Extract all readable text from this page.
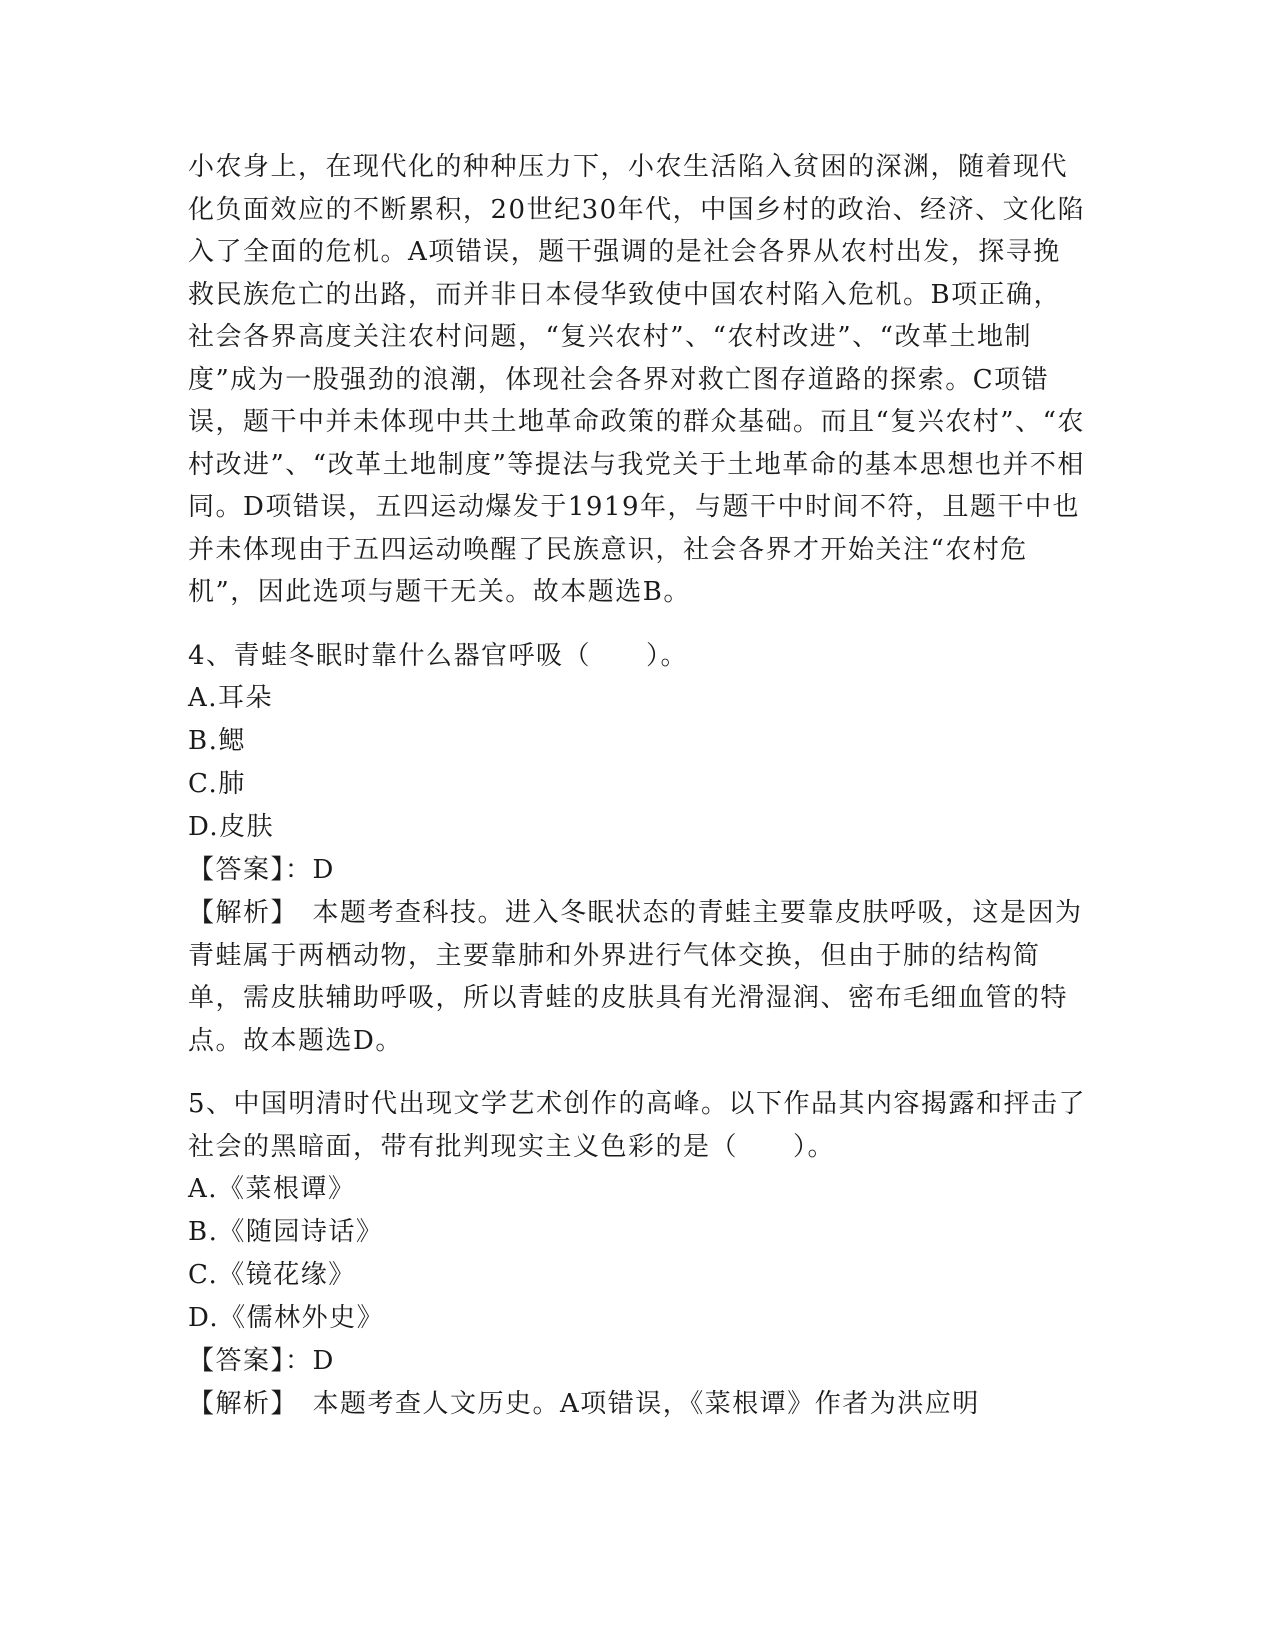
小农身上，在现代化的种种压力下，小农生活陷入贫困的深渊，随着现代化负面效应的不断累积，20世纪30年代，中国乡村的政治、经济、文化陷入了全面的危机。A项错误，题干强调的是社会各界从农村出发，探寻挽救民族危亡的出路，而并非日本侵华致使中国农村陷入危机。B项正确，社会各界高度关注农村问题，“复兴农村”、“农村改进”、“改革土地制度”成为一股强劲的浪潮，体现社会各界对救亡图存道路的探索。C项错误，题干中并未体现中共土地革命政策的群众基础。而且“复兴农村”、“农村改进”、“改革土地制度”等提法与我党关于土地革命的基本思想也并不相同。D项错误，五四运动爆发于1919年，与题干中时间不符，且题干中也并未体现由于五四运动唤醒了民族意识，社会各界才开始关注“农村危机”，因此选项与题干无关。故本题选B。

4、青蛙冬眠时靠什么器官呼吸（　　）。

A.耳朵

B.鳃

C.肺

D.皮肤

【答案】：D

【解析】　本题考查科技。进入冬眠状态的青蛙主要靠皮肤呼吸，这是因为青蛙属于两栖动物，主要靠肺和外界进行气体交换，但由于肺的结构简单，需皮肤辅助呼吸，所以青蛙的皮肤具有光滑湿润、密布毛细血管的特点。故本题选D。

5、中国明清时代出现文学艺术创作的高峰。以下作品其内容揭露和抨击了社会的黑暗面，带有批判现实主义色彩的是（　　）。

A.《菜根谭》

B.《随园诗话》

C.《镜花缘》

D.《儒林外史》

【答案】：D

【解析】　本题考查人文历史。A项错误，《菜根谭》作者为洪应明
